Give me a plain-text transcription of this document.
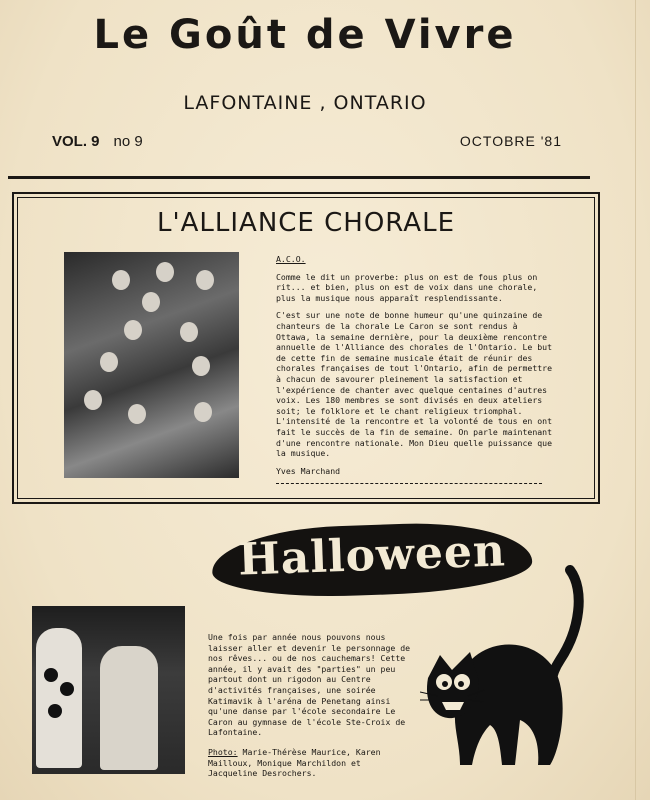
Le Goût de Vivre
LAFONTAINE , ONTARIO
VOL. 9 no 9	OCTOBRE '81
L'ALLIANCE CHORALE

A.C.O.

Comme le dit un proverbe: plus on est de fous plus on rit... et bien, plus on est de voix dans une chorale, plus la musique nous apparaît resplendissante.

C'est sur une note de bonne humeur qu'une quinzaine de chanteurs de la chorale Le Caron se sont rendus à Ottawa, la semaine dernière, pour la deuxième rencontre annuelle de l'Alliance des chorales de l'Ontario. Le but de cette fin de semaine musicale était de réunir des chorales françaises de tout l'Ontario, afin de permettre à chacun de savourer pleinement la satisfaction et l'expérience de chanter avec quelque centaines d'autres voix. Les 180 membres se sont divisés en deux ateliers soit; le folklore et le chant religieux triomphal. L'intensité de la rencontre et la volonté de tous en ont fait le succès de la fin de semaine. On parle maintenant d'une rencontre nationale. Mon Dieu quelle puissance que la musique.

Yves Marchand

Halloween

Une fois par année nous pouvons nous laisser aller et devenir le personnage de nos rêves... ou de nos cauchemars! Cette année, il y avait des "parties" un peu partout dont un rigodon au Centre d'activités françaises, une soirée Katimavik à l'aréna de Penetang ainsi qu'une danse par l'école secondaire Le Caron au gymnase de l'école Ste-Croix de Lafontaine.

Photo: Marie-Thérèse Maurice, Karen Mailloux, Monique Marchildon et Jacqueline Desrochers.
